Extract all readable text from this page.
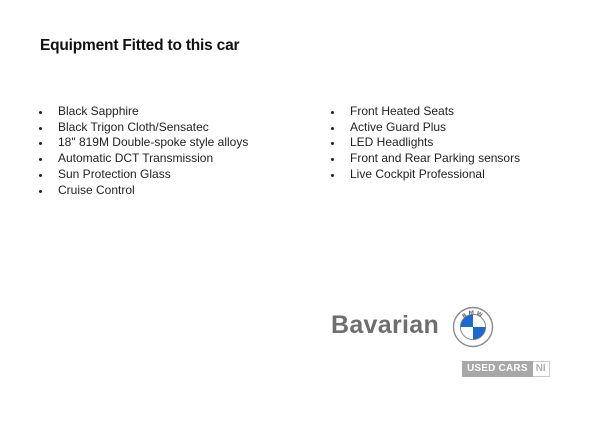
Equipment Fitted to this car
Black Sapphire
Black Trigon Cloth/Sensatec
18" 819M Double-spoke style alloys
Automatic DCT Transmission
Sun Protection Glass
Cruise Control
Front Heated Seats
Active Guard Plus
LED Headlights
Front and Rear Parking sensors
Live Cockpit Professional
Bavarian	BMW
USED CARS NI
